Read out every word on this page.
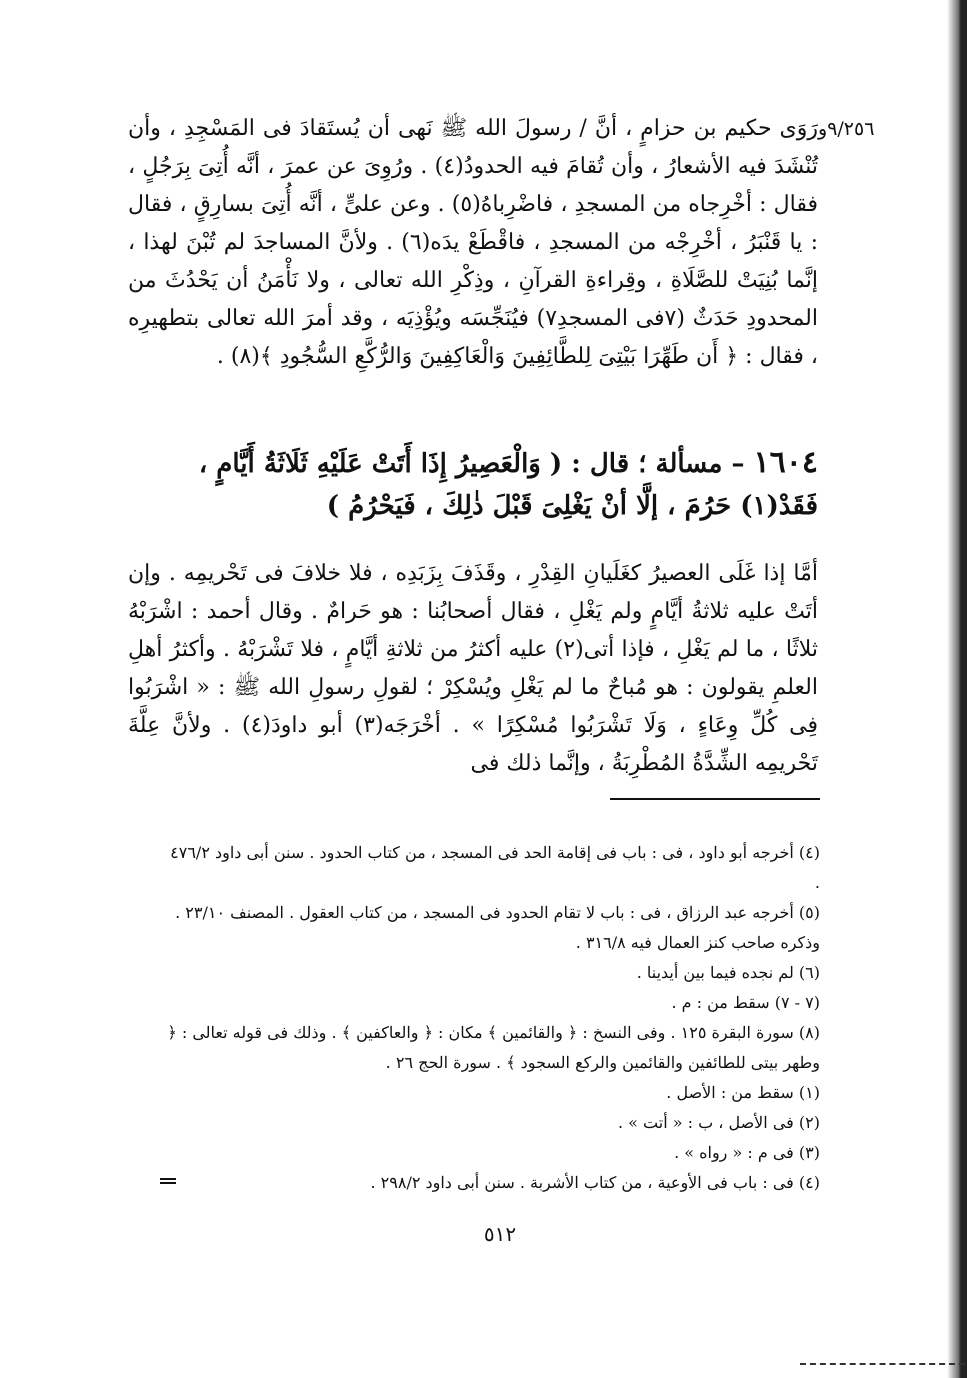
٩/٢٥٦و

رَوَى حكيم بن حزامٍ ، أنَّ / رسولَ الله ﷺ نَهى أن يُستَقادَ فى المَسْجِدِ ، وأن تُنْشَدَ فيه الأشعارُ ، وأن تُقامَ فيه الحدودُ(٤) . ورُوِىَ عن عمرَ ، أنَّه أُتِىَ بِرَجُلٍ ، فقال : أخْرِجاه من المسجدِ ، فاضْرِباهُ(٥) . وعن علىٍّ ، أنَّه أُتِىَ بسارِقٍ ، فقال : يا قَنْبَرُ ، أخْرِجْه من المسجدِ ، فاقْطَعْ يدَه(٦) . ولأنَّ المساجدَ لم تُبْنَ لهذا ، إنَّما بُنِيَتْ للصَّلَاةِ ، وقِراءةِ القرآنِ ، وذِكْرِ الله تعالى ، ولا نَأْمَنُ أن يَحْدُثَ من المحدودِ حَدَثٌ (٧فى المسجدِ٧) فيُنَجِّسَه ويُؤْذِيَه ، وقد أمرَ الله تعالى بتطهيرِه ، فقال : ﴿ أَن طَهِّرَا بَيْتِىَ لِلطَّائِفِينَ وَالْعَاكِفِينَ وَالرُّكَّعِ السُّجُودِ ﴾(٨) .

١٦٠٤ – مسألة ؛ قال : ( وَالْعَصِيرُ إِذَا أَتَتْ عَلَيْهِ ثَلَاثَةُ أَيَّامٍ ، فَقَدْ(١) حَرُمَ ، إلَّا أنْ يَغْلِىَ قَبْلَ ذٰلِكَ ، فَيَحْرُمُ )

أمَّا إذا غَلَى العصيرُ كغَلَيانِ القِدْرِ ، وقَذَفَ بِزَبَدِه ، فلا خلافَ فى تَحْريمِه . وإن أتَتْ عليه ثلاثةُ أيَّامٍ ولم يَغْلِ ، فقال أصحابُنا : هو حَرامٌ . وقال أحمد : اشْرَبْهُ ثلاثًا ، ما لم يَغْلِ ، فإذا أتى(٢) عليه أكثرُ من ثلاثةِ أيَّامٍ ، فلا تَشْرَبْهُ . وأكثرُ أهلِ العلمِ يقولون : هو مُباحٌ ما لم يَغْلِ ويُسْكِرْ ؛ لقولِ رسولِ الله ﷺ : « اشْرَبُوا فِى كُلِّ وِعَاءٍ ، وَلَا تَشْرَبُوا مُسْكِرًا » . أخْرَجَه(٣) أبو داودَ(٤) . ولأنَّ عِلَّةَ تَحْريمِه الشِّدَّةُ المُطْرِبَةُ ، وإنَّما ذلك فى

(٤) أخرجه أبو داود ، فى : باب فى إقامة الحد فى المسجد ، من كتاب الحدود . سنن أبى داود ٤٧٦/٢ .

(٥) أخرجه عبد الرزاق ، فى : باب لا تقام الحدود فى المسجد ، من كتاب العقول . المصنف ٢٣/١٠ . وذكره صاحب كنز العمال فيه ٣١٦/٨ .

(٦) لم نجده فيما بين أيدينا .

(٧ - ٧) سقط من : م .

(٨) سورة البقرة ١٢٥ . وفى النسخ : ﴿ والقائمين ﴾ مكان : ﴿ والعاكفين ﴾ . وذلك فى قوله تعالى : ﴿ وطهر بيتى للطائفين والقائمين والركع السجود ﴾ . سورة الحج ٢٦ .

(١) سقط من : الأصل .

(٢) فى الأصل ، ب : « أتت » .

(٣) فى م : « رواه » .

(٤) فى : باب فى الأوعية ، من كتاب الأشربة . سنن أبى داود ٢٩٨/٢ .

٥١٢
